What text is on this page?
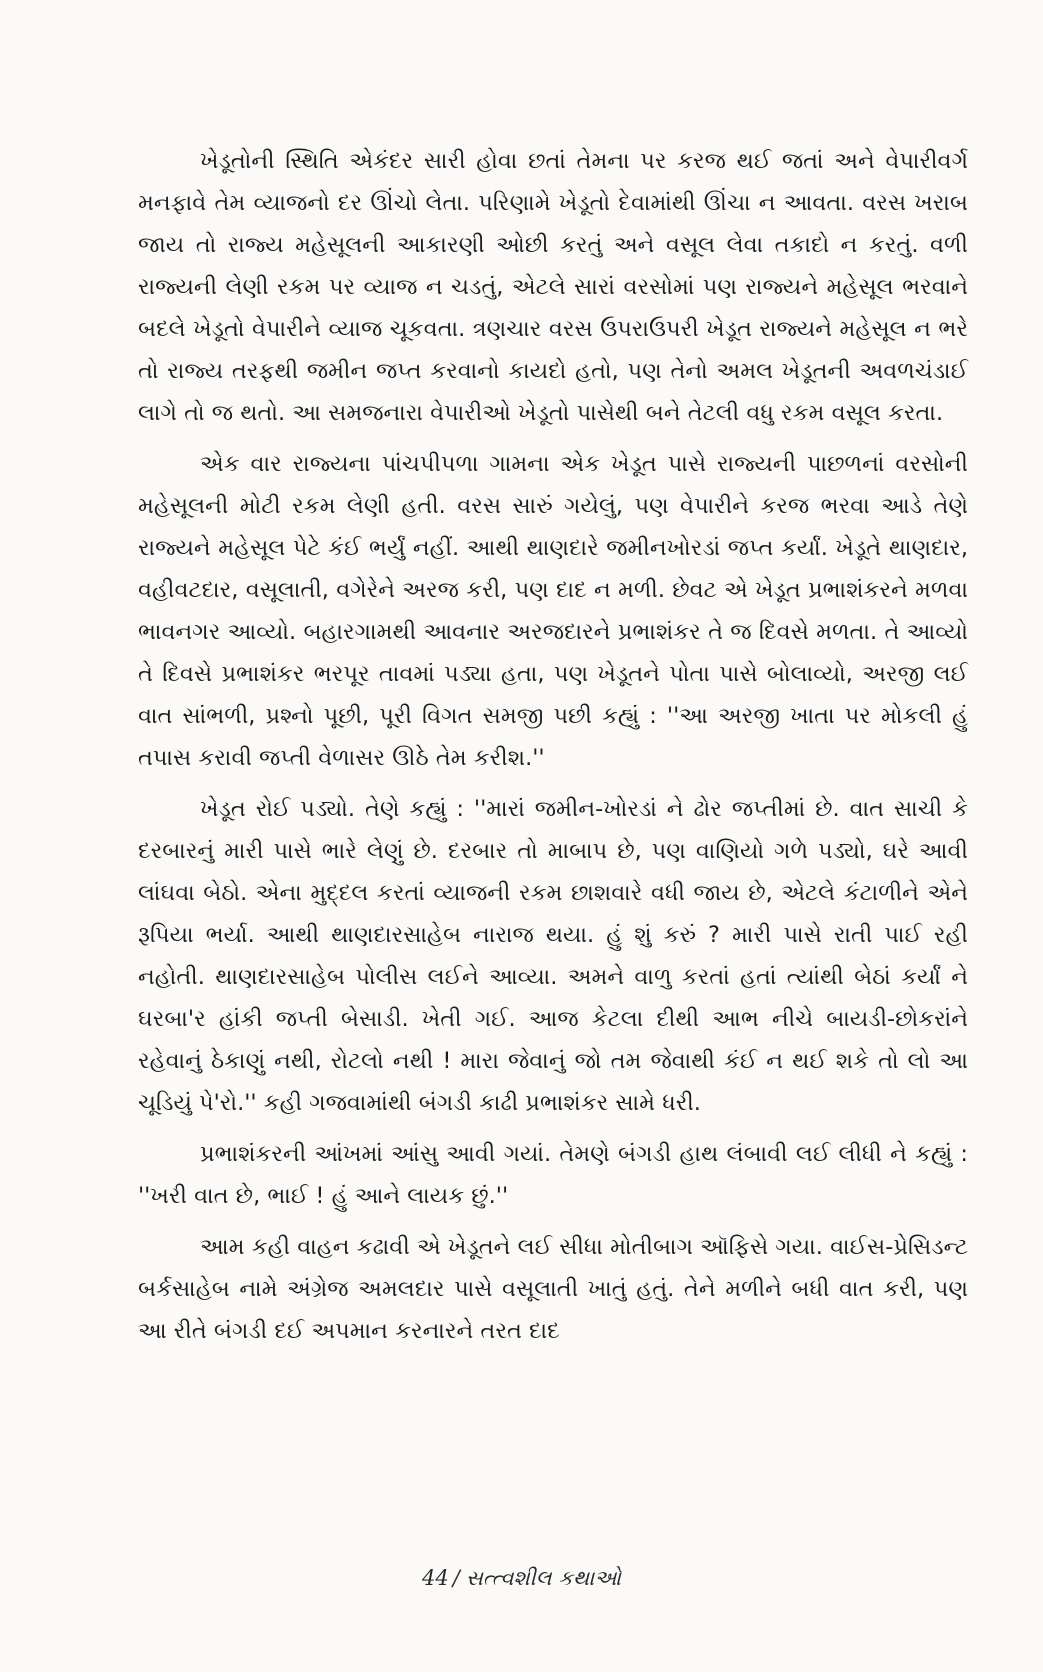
ખેડૂતોની સ્થિતિ એકંદર સારી હોવા છતાં તેમના પર કરજ થઈ જતાં અને વેપારીવર્ગ મનફાવે તેમ વ્યાજનો દર ઊંચો લેતા. પરિણામે ખેડૂતો દેવામાંથી ઊંચા ન આવતા. વરસ ખરાબ જાય તો રાજ્ય મહેસૂલની આકારણી ઓછી કરતું અને વસૂલ લેવા તકાદો ન કરતું. વળી રાજ્યની લેણી રકમ પર વ્યાજ ન ચડતું, એટલે સારાં વરસોમાં પણ રાજ્યને મહેસૂલ ભરવાને બદલે ખેડૂતો વેપારીને વ્યાજ ચૂકવતા. ત્રણચાર વરસ ઉપરાઉપરી ખેડૂત રાજ્યને મહેસૂલ ન ભરે તો રાજ્ય તરફથી જમીન જપ્ત કરવાનો કાયદો હતો, પણ તેનો અમલ ખેડૂતની અવળચંડાઈ લાગે તો જ થતો. આ સમજનારા વેપારીઓ ખેડૂતો પાસેથી બને તેટલી વધુ રકમ વસૂલ કરતા.

એક વાર રાજ્યના પાંચપીપળા ગામના એક ખેડૂત પાસે રાજ્યની પાછળનાં વરસોની મહેસૂલની મોટી રકમ લેણી હતી. વરસ સારું ગયેલું, પણ વેપારીને કરજ ભરવા આડે તેણે રાજ્યને મહેસૂલ પેટે કંઈ ભર્યું નહીં. આથી થાણદારે જમીનખોરડાં જપ્ત કર્યાં. ખેડૂતે થાણદાર, વહીવટદાર, વસૂલાતી, વગેરેને અરજ કરી, પણ દાદ ન મળી. છેવટ એ ખેડૂત પ્રભાશંકરને મળવા ભાવનગર આવ્યો. બહારગામથી આવનાર અરજદારને પ્રભાશંકર તે જ દિવસે મળતા. તે આવ્યો તે દિવસે પ્રભાશંકર ભરપૂર તાવમાં પડ્યા હતા, પણ ખેડૂતને પોતા પાસે બોલાવ્યો, અરજી લઈ વાત સાંભળી, પ્રશ્નો પૂછી, પૂરી વિગત સમજી પછી કહ્યું : ''આ અરજી ખાતા પર મોકલી હું તપાસ કરાવી જપ્તી વેળાસર ઊઠે તેમ કરીશ.''

ખેડૂત રોઈ પડ્યો. તેણે કહ્યું : ''મારાં જમીન-ખોરડાં ને ઢોર જપ્તીમાં છે. વાત સાચી કે દરબારનું મારી પાસે ભારે લેણું છે. દરબાર તો માબાપ છે, પણ વાણિયો ગળે પડ્યો, ઘરે આવી લાંઘવા બેઠો. એના મુદ્દલ કરતાં વ્યાજની રકમ છાશવારે વધી જાય છે, એટલે કંટાળીને એને રૂપિયા ભર્યા. આથી થાણદારસાહેબ નારાજ થયા. હું શું કરું ? મારી પાસે રાતી પાઈ રહી નહોતી. થાણદારસાહેબ પોલીસ લઈને આવ્યા. અમને વાળુ કરતાં હતાં ત્યાંથી બેઠાં કર્યાં ને ઘરબા'ર હાંકી જપ્તી બેસાડી. ખેતી ગઈ. આજ કેટલા દીથી આભ નીચે બાયડી-છોકરાંને રહેવાનું ઠેકાણું નથી, રોટલો નથી ! મારા જેવાનું જો તમ જેવાથી કંઈ ન થઈ શકે તો લો આ ચૂડિયું પે'રો.'' કહી ગજવામાંથી બંગડી કાઢી પ્રભાશંકર સામે ધરી.

પ્રભાશંકરની આંખમાં આંસુ આવી ગયાં. તેમણે બંગડી હાથ લંબાવી લઈ લીધી ને કહ્યું : ''ખરી વાત છે, ભાઈ ! હું આને લાયક છું.''

આમ કહી વાહન કઢાવી એ ખેડૂતને લઈ સીધા મોતીબાગ ઑફિસે ગયા. વાઈસ-પ્રેસિડન્ટ બર્કસાહેબ નામે અંગ્રેજ અમલદાર પાસે વસૂલાતી ખાતું હતું. તેને મળીને બધી વાત કરી, પણ આ રીતે બંગડી દઈ અપમાન કરનારને તરત દાદ

44 / સત્ત્વશીલ કથાઓ
